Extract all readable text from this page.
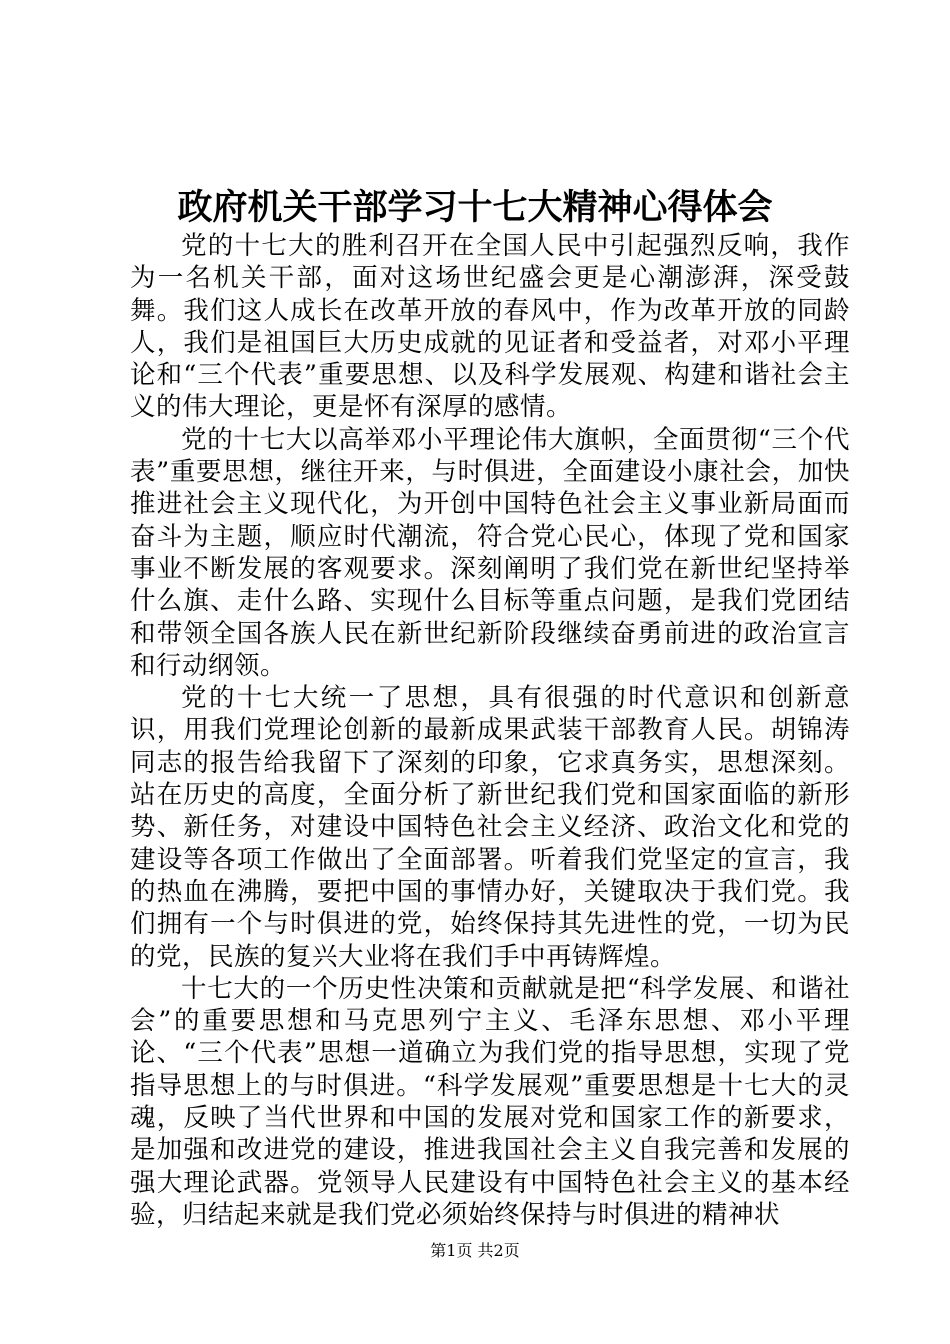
政府机关干部学习十七大精神心得体会

党的十七大的胜利召开在全国人民中引起强烈反响，我作为一名机关干部，面对这场世纪盛会更是心潮澎湃，深受鼓舞。我们这人成长在改革开放的春风中，作为改革开放的同龄人，我们是祖国巨大历史成就的见证者和受益者，对邓小平理论和“三个代表”重要思想、以及科学发展观、构建和谐社会主义的伟大理论，更是怀有深厚的感情。

党的十七大以高举邓小平理论伟大旗帜，全面贯彻“三个代表”重要思想，继往开来，与时俱进，全面建设小康社会，加快推进社会主义现代化，为开创中国特色社会主义事业新局面而奋斗为主题，顺应时代潮流，符合党心民心，体现了党和国家事业不断发展的客观要求。深刻阐明了我们党在新世纪坚持举什么旗、走什么路、实现什么目标等重点问题，是我们党团结和带领全国各族人民在新世纪新阶段继续奋勇前进的政治宣言和行动纲领。

党的十七大统一了思想，具有很强的时代意识和创新意识，用我们党理论创新的最新成果武装干部教育人民。胡锦涛同志的报告给我留下了深刻的印象，它求真务实，思想深刻。站在历史的高度，全面分析了新世纪我们党和国家面临的新形势、新任务，对建设中国特色社会主义经济、政治文化和党的建设等各项工作做出了全面部署。听着我们党坚定的宣言，我的热血在沸腾，要把中国的事情办好，关键取决于我们党。我们拥有一个与时俱进的党，始终保持其先进性的党，一切为民的党，民族的复兴大业将在我们手中再铸辉煌。

十七大的一个历史性决策和贡献就是把“科学发展、和谐社会”的重要思想和马克思列宁主义、毛泽东思想、邓小平理论、“三个代表”思想一道确立为我们党的指导思想，实现了党指导思想上的与时俱进。“科学发展观”重要思想是十七大的灵魂，反映了当代世界和中国的发展对党和国家工作的新要求，是加强和改进党的建设，推进我国社会主义自我完善和发展的强大理论武器。党领导人民建设有中国特色社会主义的基本经验，归结起来就是我们党必须始终保持与时俱进的精神状

第1页 共2页
